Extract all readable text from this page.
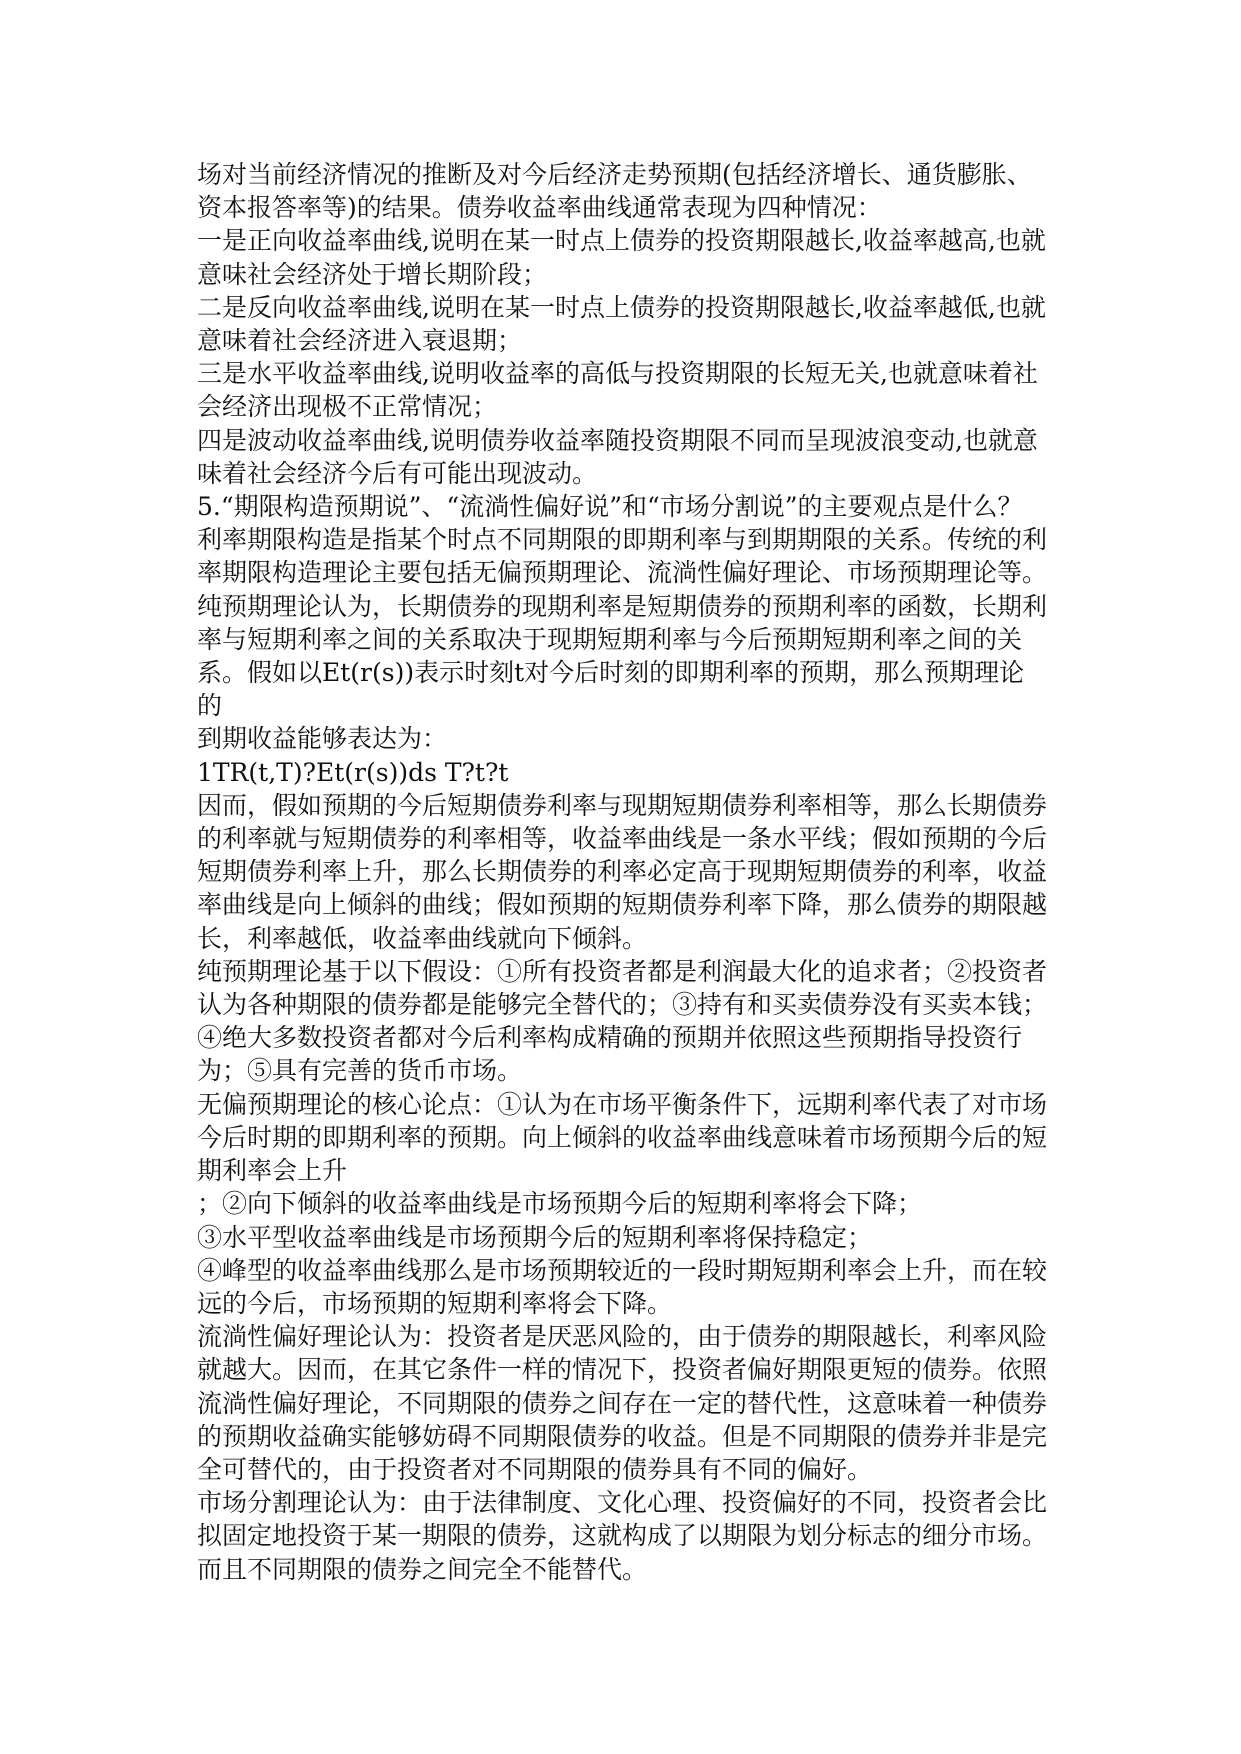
场对当前经济情况的推断及对今后经济走势预期(包括经济增长、通货膨胀、资本报答率等)的结果。债券收益率曲线通常表现为四种情况：

一是正向收益率曲线,说明在某一时点上债券的投资期限越长,收益率越高,也就意味社会经济处于增长期阶段；

二是反向收益率曲线,说明在某一时点上债券的投资期限越长,收益率越低,也就意味着社会经济进入衰退期；

三是水平收益率曲线,说明收益率的高低与投资期限的长短无关,也就意味着社会经济出现极不正常情况；

四是波动收益率曲线,说明债券收益率随投资期限不同而呈现波浪变动,也就意味着社会经济今后有可能出现波动。

5.“期限构造预期说”、“流淌性偏好说”和“市场分割说”的主要观点是什么？

利率期限构造是指某个时点不同期限的即期利率与到期期限的关系。传统的利率期限构造理论主要包括无偏预期理论、流淌性偏好理论、市场预期理论等。

纯预期理论认为，长期债券的现期利率是短期债券的预期利率的函数，长期利率与短期利率之间的关系取决于现期短期利率与今后预期短期利率之间的关系。假如以Et(r(s))表示时刻t对今后时刻的即期利率的预期，那么预期理论的

到期收益能够表达为：

1TR(t,T)?Et(r(s))ds T?t?t

因而，假如预期的今后短期债券利率与现期短期债券利率相等，那么长期债券的利率就与短期债券的利率相等，收益率曲线是一条水平线；假如预期的今后短期债券利率上升，那么长期债券的利率必定高于现期短期债券的利率，收益率曲线是向上倾斜的曲线；假如预期的短期债券利率下降，那么债券的期限越长，利率越低，收益率曲线就向下倾斜。

纯预期理论基于以下假设：①所有投资者都是利润最大化的追求者；②投资者认为各种期限的债券都是能够完全替代的；③持有和买卖债券没有买卖本钱；④绝大多数投资者都对今后利率构成精确的预期并依照这些预期指导投资行为；⑤具有完善的货币市场。

无偏预期理论的核心论点：①认为在市场平衡条件下，远期利率代表了对市场今后时期的即期利率的预期。向上倾斜的收益率曲线意味着市场预期今后的短期利率会上升

；②向下倾斜的收益率曲线是市场预期今后的短期利率将会下降；

③水平型收益率曲线是市场预期今后的短期利率将保持稳定；

④峰型的收益率曲线那么是市场预期较近的一段时期短期利率会上升，而在较远的今后，市场预期的短期利率将会下降。

流淌性偏好理论认为：投资者是厌恶风险的，由于债券的期限越长，利率风险就越大。因而，在其它条件一样的情况下，投资者偏好期限更短的债券。依照流淌性偏好理论，不同期限的债券之间存在一定的替代性，这意味着一种债券的预期收益确实能够妨碍不同期限债券的收益。但是不同期限的债券并非是完全可替代的，由于投资者对不同期限的债券具有不同的偏好。

市场分割理论认为：由于法律制度、文化心理、投资偏好的不同，投资者会比拟固定地投资于某一期限的债券，这就构成了以期限为划分标志的细分市场。 而且不同期限的债券之间完全不能替代。
